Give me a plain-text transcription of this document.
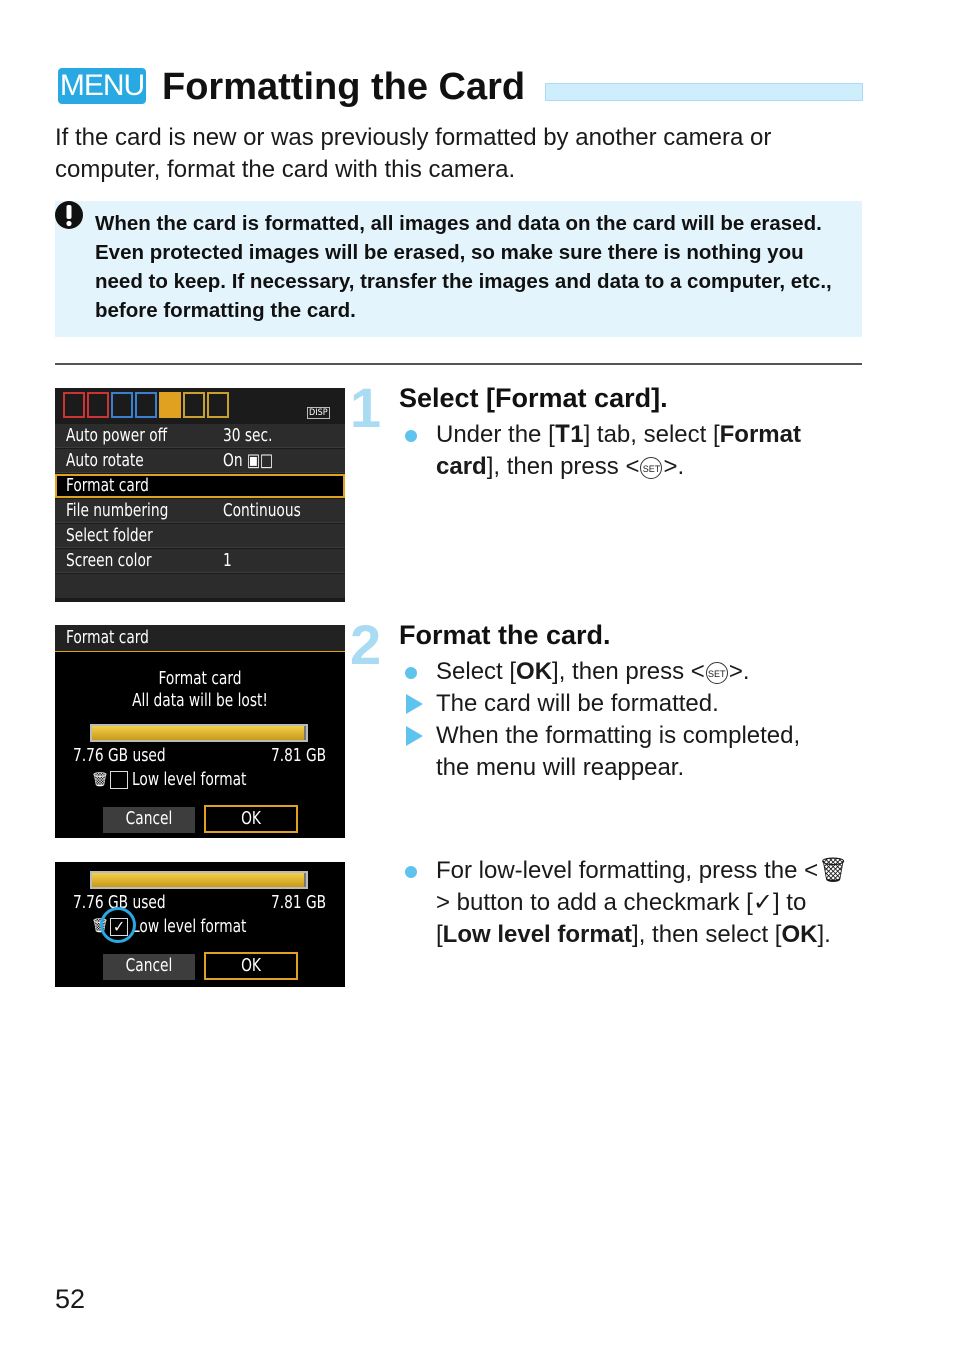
MENU Formatting the Card
If the card is new or was previously formatted by another camera or computer, format the card with this camera.
When the card is formatted, all images and data on the card will be erased. Even protected images will be erased, so make sure there is nothing you need to keep. If necessary, transfer the images and data to a computer, etc., before formatting the card.
DISP
Auto power off	30 sec.
Auto rotate	On ▣□
Format card
File numbering	Continuous
Select folder
Screen color	1
Format card
Format card
All data will be lost!
7.76 GB used	7.81 GB
🗑 Low level format
Cancel	OK
7.76 GB used	7.81 GB
🗑 Low level format
✓
Cancel	OK
1 Select [Format card].
Under the [𝚻1] tab, select [Format card], then press < SET >.
2 Format the card.
Select [OK], then press < SET >.
The card will be formatted.
When the formatting is completed, the menu will reappear.
For low-level formatting, press the <🗑> button to add a checkmark [✓] to [Low level format], then select [OK].
52
